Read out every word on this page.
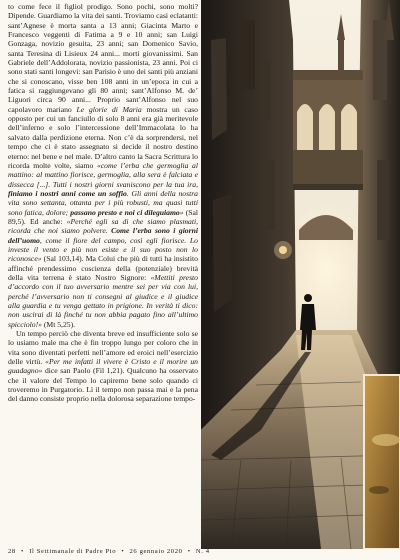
to come fece il figliol prodigo. Sono pochi, sono molti? Dipende. Guardiamo la vita dei santi. Troviamo casi eclatanti: sant’Agnese è morta santa a 13 anni; Giacinta Marto e Francesco veggenti di Fatima a 9 e 10 anni; san Luigi Gonzaga, novizio gesuita, 23 anni; san Domenico Savio, santa Teresina di Lisieux 24 anni... morti giovanissimi. San Gabriele dell’Addolorata, novizio passionista, 23 anni. Poi ci sono stati santi longevi: san Parisio è uno dei santi più anziani che si conoscano, visse ben 108 anni in un’epoca in cui a fatica si raggiungevano gli 80 anni; sant’Alfonso M. de’ Liguori circa 90 anni... Proprio sant’Alfonso nel suo capolavoro mariano Le glorie di Maria mostra un caso opposto per cui un fanciullo di solo 8 anni era già meritevole dell’inferno e solo l’intercessione dell’Immacolata lo ha salvato dalla perdizione eterna. Non c’è da sorprendersi, nel tempo che ci è stato assegnato si decide il nostro destino eterno: nel bene e nel male. D’altro canto la Sacra Scrittura lo ricorda molte volte, siamo «come l’erba che germoglia al mattino: al mattino fiorisce, germoglia, alla sera è falciata e dissecca [...]. Tutti i nostri giorni svaniscono per la tua ira, finiamo i nostri anni come un soffio. Gli anni della nostra vita sono settanta, ottanta per i più robusti, ma quasi tutti sono fatica, dolore; passano presto e noi ci dileguiamo» (Sal 89,5). Ed anche: «Perché egli sa di che siamo plasmati, ricorda che noi siamo polvere. Come l’erba sono i giorni dell’uomo, come il fiore del campo, così egli fiorisce. Lo investe il vento e più non esiste e il suo posto non lo riconosce» (Sal 103,14). Ma Colui che più di tutti ha insistito affinché prendessimo coscienza della (potenziale) brevità della vita terrena è stato Nostro Signore: «Mettiti presto d’accordo con il tuo avversario mentre sei per via con lui, perché l’avversario non ti consegni al giudice e il giudice alla guardia e tu venga gettato in prigione. In verità ti dico: non uscirai di là finché tu non abbia pagato fino all’ultimo spicciolo!» (Mt 5,25).

Un tempo perciò che diventa breve ed insufficiente solo se lo usiamo male ma che è fin troppo lungo per coloro che in vita sono diventati perfetti nell’amore ed eroici nell’esercizio delle virtù. «Per me infatti il vivere è Cristo e il morire un guadagno» dice san Paolo (Fil 1,21). Qualcuno ha osservato che il valore del Tempo lo capiremo bene solo quando ci troveremo in Purgatorio. Lì il tempo non passa mai e la pena del danno consiste proprio nella dolorosa separazione tempo-

28 • Il Settimanale di Padre Pio • 26 gennaio 2020 • N. 4
